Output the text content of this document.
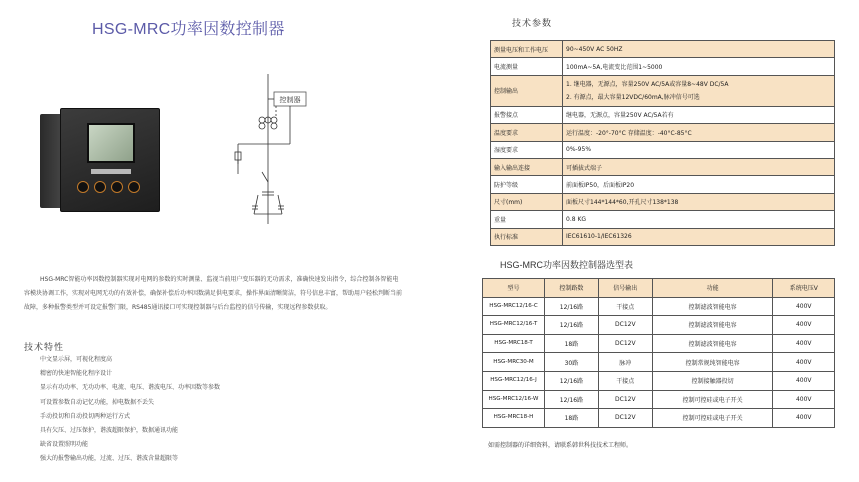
HSG-MRC功率因数控制器
控制器
HSG-MRC智能功率因数控制器实现对电网的参数的实时测量、监视当前用户变压器的无功需求，准确快速发出指令，综合控制各智能电容模块协调工作，实现对电网无功的有效补偿，确保补偿后功率因数满足供电要求，操作界面清晰简洁，符号信息丰富，帮助用户轻松判断当前故障，多种报警类型并可设定报警门限，RS485通讯接口可实现控制器与后台监控的信号传输，实现远程参数获取。
技术特性
中文显示屏，可视化程度高
精密的快速智能化程序设计
显示有功功率、无功功率、电流、电压、谐波电压、功率因数等参数
可设置参数自动记忆功能，掉电数据不丢失
手动投切和自动投切两种运行方式
具有欠压、过压保护，谐波超限保护，数据通讯功能
缺省设置照明功能
强大的报警输出功能，过流、过压、谐波含量超限等
技术参数
测量电压和工作电压	90~450V AC 50HZ
电流测量	100mA~5A,电流变比范围1~5000
控制输出	1. 继电器，无源点，容量250V AC/5A或容量8~48V DC/5A
2. 有源点，最大容量12VDC/60mA,脉冲信号可选

报警接点	继电器，无源点，容量250V AC/5A若有
温度要求	运行温度：-20°-70°C 存储温度：-40°C-85°C
湿度要求	0%-95%
输入输出连接	可插拔式端子
防护等级	前面板IP50，后面板IP20
尺寸(mm)	面板尺寸144*144*60,开孔尺寸138*138
重量	0.8 KG
执行标准	IEC61610-1/IEC61326
HSG-MRC功率因数控制器选型表
型号	控制路数	信号输出	功能	系统电压V
HSG-MRC12/16-C	12/16路	干接点	控制滤波智能电容	400V
HSG-MRC12/16-T	12/16路	DC12V	控制滤波智能电容	400V
HSG-MRC18-T	18路	DC12V	控制滤波智能电容	400V
HSG-MRC30-M	30路	脉冲	控制常规纯智能电容	400V
HSG-MRC12/16-J	12/16路	干接点	控制接触器投切	400V
HSG-MRC12/16-W	12/16路	DC12V	控制可控硅或电子开关	400V
HSG-MRC18-H	18路	DC12V	控制可控硅或电子开关	400V
如需控制器的详细资料，请联系韩世科技技术工程师。
